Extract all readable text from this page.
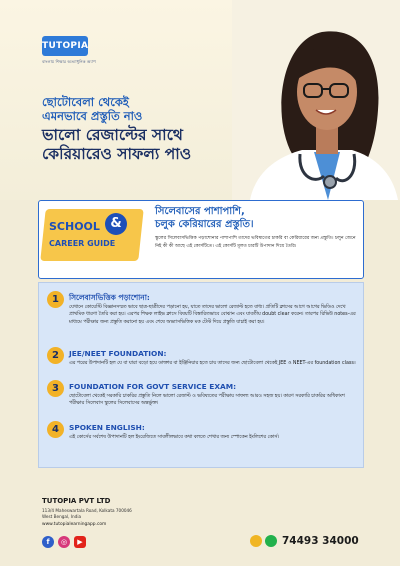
TUTOPIA
বাংলায় শিক্ষার অত্যাধুনিক অ্যাপ
ছোটোবেলা থেকেই
এমনভাবে প্রস্তুতি নাও
ভালো রেজাল্টের সাথে
কেরিয়ারেও সাফল্য পাও
SCHOOL &
CAREER GUIDE
সিলেবাসের পাশাপাশি,
চলুক কেরিয়ারের প্রস্তুতি।
স্কুলের সিলেবাসভিত্তিক পড়াশোনার পাশাপাশি তাদের ভবিষ্যতের চাকরি বা কেরিয়ারের জন্য প্রস্তুতি। চলুন জেনে নিই কী কী আছে এই কোর্সটিতে। এই কোর্সটি মূলত চারটি উপাদান দিয়ে তৈরি।
1	সিলেবাসভিত্তিক পড়াশোনা:
যেখানে কোয়েস্টি বিজ্ঞানসম্মত ভাবে ছাত্র-ছাত্রীদের পড়ানো হয়, যাতে তাদের ভালো রেজাল্ট হতে বাধ্য। প্রতিটি ক্লাসের আগে আগের ভিডিও দেখে প্রাথমিক ধারণা তৈরি করা হয়। এরপর শিক্ষক লাইভ ক্লাসে বিষয়টি বিস্তারিতভাবে বোঝান এবং যাবতীয় doubt clear করেন। তারপর রিভিউ notes-এর মাধ্যমে পরীক্ষার জন্য প্রস্তুতি করানো হয় এবং শেষে অভ্যাসভিত্তিক মক টেস্ট দিয়ে প্রস্তুতি যাচাই করা হয়।
2	JEE/NEET FOUNDATION:
এর পরের উপাদানটি হল যে বা যারা বড়ো হয়ে ডাক্তার বা ইঞ্জিনিয়ার হতে চায় তাদের জন্য ছোটোবেলা থেকেই JEE ও NEET-এর foundation class।
3	FOUNDATION FOR GOVT SERVICE EXAM:
ছোটোবেলা থেকেই সরকারি চাকরির প্রস্তুতি নিলে ভালো রেজাল্ট ও ভবিষ্যতের পরীক্ষায় সাফল্য আরও সহজ হয়। কারণ সরকারি চাকরির অধিকাংশ পরীক্ষার সিলেবাস স্কুলের সিলেবাসের অন্তর্ভুক্ত।
4	SPOKEN ENGLISH:
এই কোর্সের সর্বশেষ উপাদানটি হল ইংরেজিতে সাবলীলভাবে কথা বলতে শেখার জন্য স্পোকেন ইংলিশের কোর্স।
TUTOPIA PVT LTD
113/4 Maheswartala Road, Kolkata 700046
West Bengal, India
www.tutopialearningapp.com
f	◎	▶	74493 34000
